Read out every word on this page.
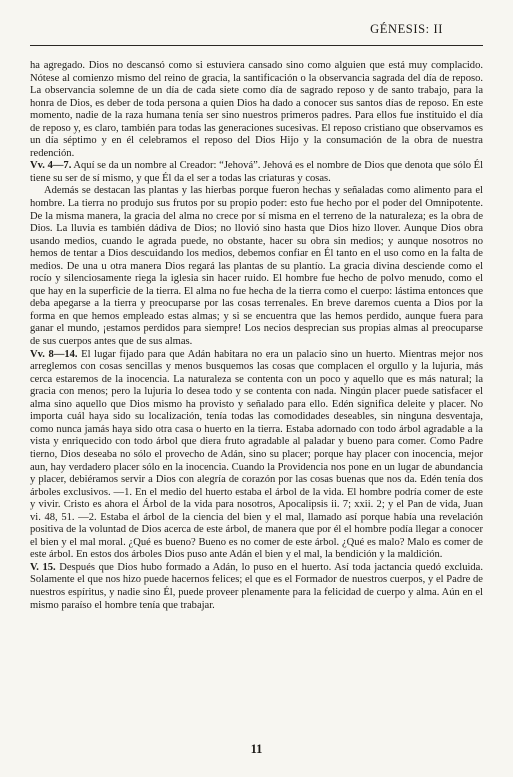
GÉNESIS: II

ha agregado. Dios no descansó como si estuviera cansado sino como alguien que está muy complacido. Nótese al comienzo mismo del reino de gracia, la santificación o la observancia sagrada del día de reposo. La observancia solemne de un día de cada siete como día de sagrado reposo y de santo trabajo, para la honra de Dios, es deber de toda persona a quien Dios ha dado a conocer sus santos días de reposo. En este momento, nadie de la raza humana tenía ser sino nuestros primeros padres. Para ellos fue instituido el día de reposo y, es claro, también para todas las generaciones sucesivas. El reposo cristiano que observamos es un día séptimo y en él celebramos el reposo del Dios Hijo y la consumación de la obra de nuestra redención.

Vv. 4—7. Aquí se da un nombre al Creador: “Jehová”. Jehová es el nombre de Dios que denota que sólo Él tiene su ser de sí mismo, y que Él da el ser a todas las criaturas y cosas.

Además se destacan las plantas y las hierbas porque fueron hechas y señaladas como alimento para el hombre. La tierra no produjo sus frutos por su propio poder: esto fue hecho por el poder del Omnipotente. De la misma manera, la gracia del alma no crece por sí misma en el terreno de la naturaleza; es la obra de Dios. La lluvia es también dádiva de Dios; no llovió sino hasta que Dios hizo llover. Aunque Dios obra usando medios, cuando le agrada puede, no obstante, hacer su obra sin medios; y aunque nosotros no hemos de tentar a Dios descuidando los medios, debemos confiar en Él tanto en el uso como en la falta de medios. De una u otra manera Dios regará las plantas de su plantío. La gracia divina desciende como el rocío y silenciosamente riega la iglesia sin hacer ruido. El hombre fue hecho de polvo menudo, como el que hay en la superficie de la tierra. El alma no fue hecha de la tierra como el cuerpo: lástima entonces que deba apegarse a la tierra y preocuparse por las cosas terrenales. En breve daremos cuenta a Dios por la forma en que hemos empleado estas almas; y si se encuentra que las hemos perdido, aunque fuera para ganar el mundo, ¡estamos perdidos para siempre! Los necios desprecian sus propias almas al preocuparse de sus cuerpos antes que de sus almas.

Vv. 8—14. El lugar fijado para que Adán habitara no era un palacio sino un huerto. Mientras mejor nos arreglemos con cosas sencillas y menos busquemos las cosas que complacen el orgullo y la lujuria, más cerca estaremos de la inocencia. La naturaleza se contenta con un poco y aquello que es más natural; la gracia con menos; pero la lujuria lo desea todo y se contenta con nada. Ningún placer puede satisfacer el alma sino aquello que Dios mismo ha provisto y señalado para ello. Edén significa deleite y placer. No importa cuál haya sido su localización, tenía todas las comodidades deseables, sin ninguna desventaja, como nunca jamás haya sido otra casa o huerto en la tierra. Estaba adornado con todo árbol agradable a la vista y enriquecido con todo árbol que diera fruto agradable al paladar y bueno para comer. Como Padre tierno, Dios deseaba no sólo el provecho de Adán, sino su placer; porque hay placer con inocencia, mejor aun, hay verdadero placer sólo en la inocencia. Cuando la Providencia nos pone en un lugar de abundancia y placer, debiéramos servir a Dios con alegría de corazón por las cosas buenas que nos da. Edén tenía dos árboles exclusivos. —1. En el medio del huerto estaba el árbol de la vida. El hombre podría comer de este y vivir. Cristo es ahora el Árbol de la vida para nosotros, Apocalipsis ii. 7; xxii. 2; y el Pan de vida, Juan vi. 48, 51. —2. Estaba el árbol de la ciencia del bien y el mal, llamado así porque había una revelación positiva de la voluntad de Dios acerca de este árbol, de manera que por él el hombre podía llegar a conocer el bien y el mal moral. ¿Qué es bueno? Bueno es no comer de este árbol. ¿Qué es malo? Malo es comer de este árbol. En estos dos árboles Dios puso ante Adán el bien y el mal, la bendición y la maldición.

V. 15. Después que Dios hubo formado a Adán, lo puso en el huerto. Así toda jactancia quedó excluida. Solamente el que nos hizo puede hacernos felices; el que es el Formador de nuestros cuerpos, y el Padre de nuestros espíritus, y nadie sino Él, puede proveer plenamente para la felicidad de cuerpo y alma. Aún en el mismo paraíso el hombre tenía que trabajar.

11
